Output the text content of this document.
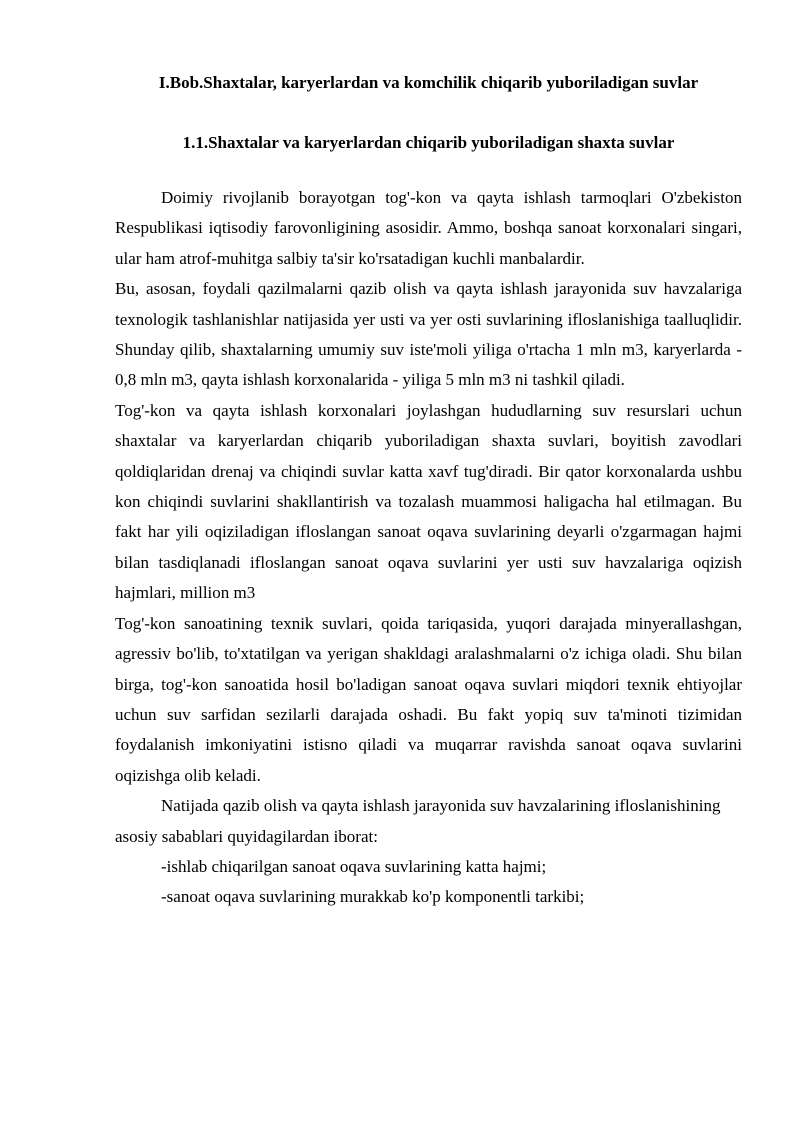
I.Bob.Shaxtalar, karyerlardan va komchilik chiqarib yuboriladigan suvlar
1.1.Shaxtalar va karyerlardan chiqarib yuboriladigan shaxta suvlar

Doimiy rivojlanib borayotgan tog'-kon va qayta ishlash tarmoqlari O'zbekiston Respublikasi iqtisodiy farovonligining asosidir. Ammo, boshqa sanoat korxonalari singari, ular ham atrof-muhitga salbiy ta'sir ko'rsatadigan kuchli manbalardir.

Bu, asosan, foydali qazilmalarni qazib olish va qayta ishlash jarayonida suv havzalariga texnologik tashlanishlar natijasida yer usti va yer osti suvlarining ifloslanishiga taalluqlidir. Shunday qilib, shaxtalarning umumiy suv iste'moli yiliga o'rtacha 1 mln m3, karyerlarda - 0,8 mln m3, qayta ishlash korxonalarida - yiliga 5 mln m3 ni tashkil qiladi.

Tog'-kon va qayta ishlash korxonalari joylashgan hududlarning suv resurslari uchun shaxtalar va karyerlardan chiqarib yuboriladigan shaxta suvlari, boyitish zavodlari qoldiqlaridan drenaj va chiqindi suvlar katta xavf tug'diradi. Bir qator korxonalarda ushbu kon chiqindi suvlarini shakllantirish va tozalash muammosi haligacha hal etilmagan. Bu fakt har yili oqiziladigan ifloslangan sanoat oqava suvlarining deyarli o'zgarmagan hajmi bilan tasdiqlanadi ifloslangan sanoat oqava suvlarini yer usti suv havzalariga oqizish hajmlari, million m3

Tog'-kon sanoatining texnik suvlari, qoida tariqasida, yuqori darajada minyerallashgan, agressiv bo'lib, to'xtatilgan va yerigan shakldagi aralashmalarni o'z ichiga oladi. Shu bilan birga, tog'-kon sanoatida hosil bo'ladigan sanoat oqava suvlari miqdori texnik ehtiyojlar uchun suv sarfidan sezilarli darajada oshadi. Bu fakt yopiq suv ta'minoti tizimidan foydalanish imkoniyatini istisno qiladi va muqarrar ravishda sanoat oqava suvlarini oqizishga olib keladi.

Natijada qazib olish va qayta ishlash jarayonida suv havzalarining ifloslanishining asosiy sabablari quyidagilardan iborat:

-ishlab chiqarilgan sanoat oqava suvlarining katta hajmi;

-sanoat oqava suvlarining murakkab ko'p komponentli tarkibi;
